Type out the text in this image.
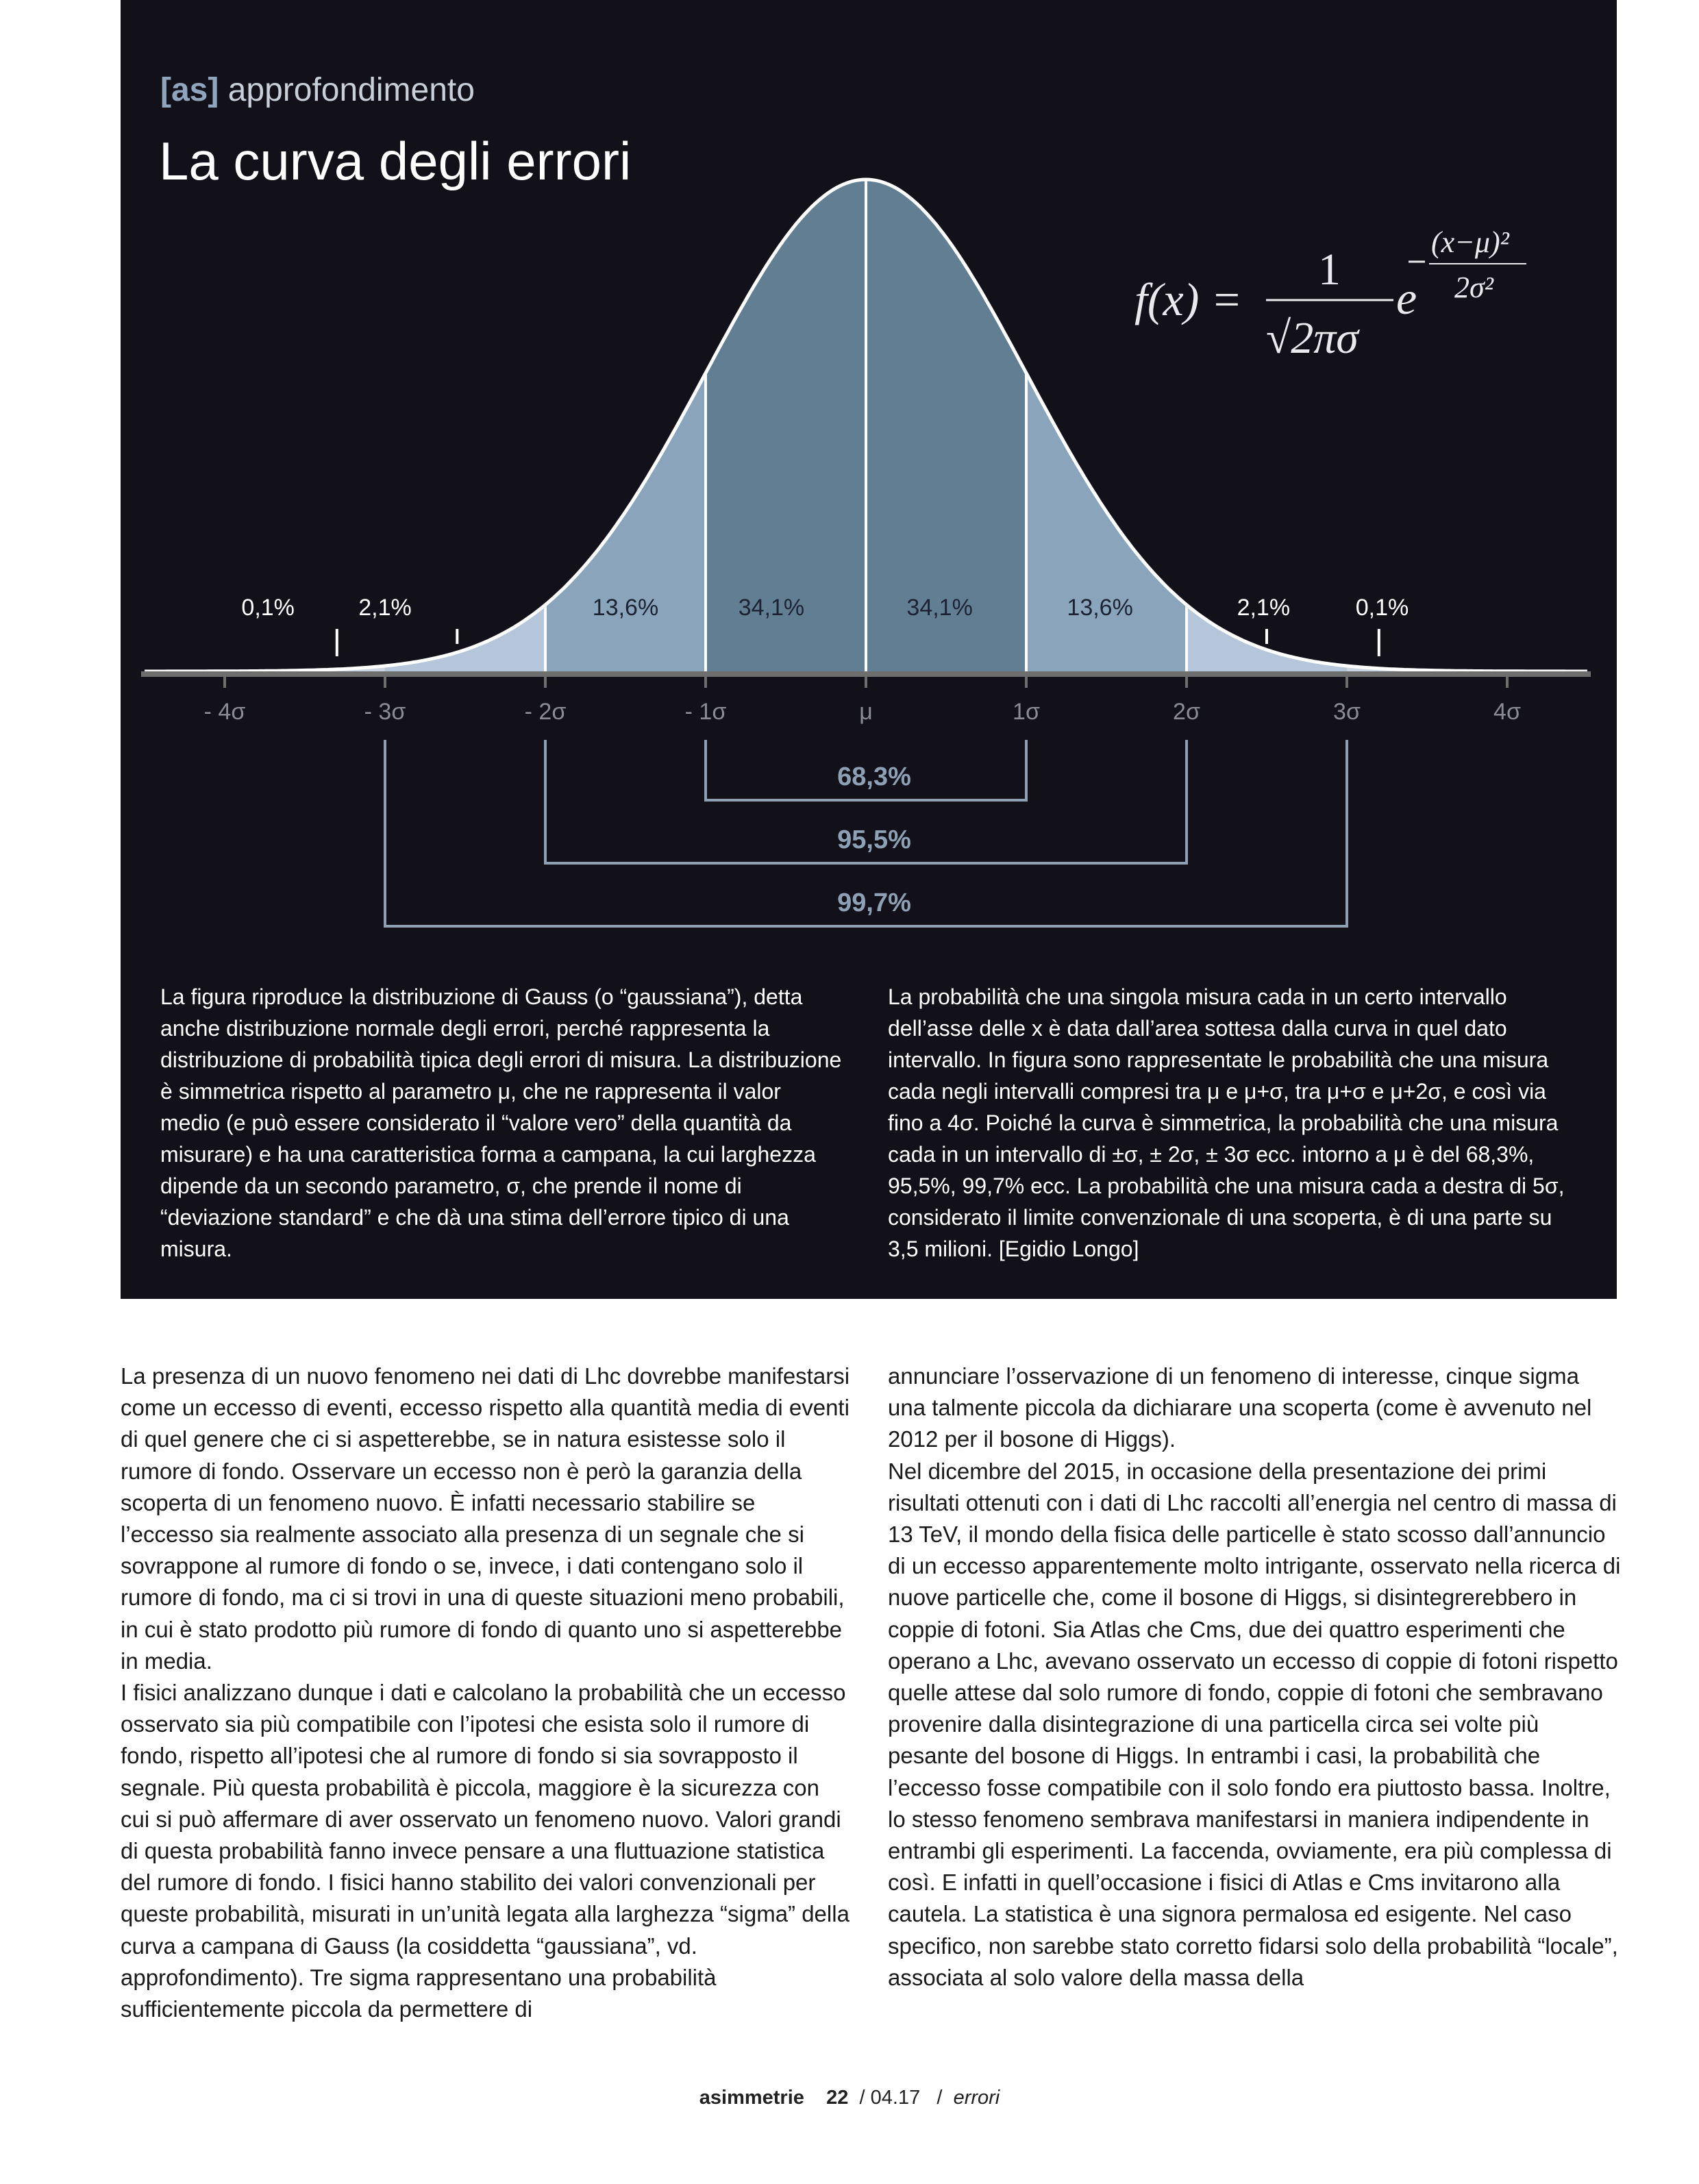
[as] approfondimento
La curva degli errori
- 4σ	- 3σ	- 2σ	- 1σ	μ	1σ	2σ	3σ	4σ
0,1%	2,1%	13,6%	34,1%	34,1%	13,6%	2,1%	0,1%
68,3%
95,5%
99,7%
f(x) =
1
√2πσ
e
(x−μ)²
2σ²
La figura riproduce la distribuzione di Gauss (o “gaussiana”), detta anche distribuzione normale degli errori, perché rappresenta la distribuzione di probabilità tipica degli errori di misura. La distribuzione è simmetrica rispetto al parametro μ, che ne rappresenta il valor medio (e può essere considerato il “valore vero” della quantità da misurare) e ha una caratteristica forma a campana, la cui larghezza dipende da un secondo parametro, σ, che prende il nome di “deviazione standard” e che dà una stima dell’errore tipico di una misura.
La probabilità che una singola misura cada in un certo intervallo dell’asse delle x è data dall’area sottesa dalla curva in quel dato intervallo. In figura sono rappresentate le probabilità che una misura cada negli intervalli compresi tra μ e μ+σ, tra μ+σ e μ+2σ, e così via fino a 4σ. Poiché la curva è simmetrica, la probabilità che una misura cada in un intervallo di ±σ, ± 2σ, ± 3σ ecc. intorno a μ è del 68,3%, 95,5%, 99,7% ecc. La probabilità che una misura cada a destra di 5σ, considerato il limite convenzionale di una scoperta, è di una parte su 3,5 milioni. [Egidio Longo]

La presenza di un nuovo fenomeno nei dati di Lhc dovrebbe manifestarsi come un eccesso di eventi, eccesso rispetto alla quantità media di eventi di quel genere che ci si aspetterebbe, se in natura esistesse solo il rumore di fondo. Osservare un eccesso non è però la garanzia della scoperta di un fenomeno nuovo. È infatti necessario stabilire se l’eccesso sia realmente associato alla presenza di un segnale che si sovrappone al rumore di fondo o se, invece, i dati contengano solo il rumore di fondo, ma ci si trovi in una di queste situazioni meno probabili, in cui è stato prodotto più rumore di fondo di quanto uno si aspetterebbe in media.

I fisici analizzano dunque i dati e calcolano la probabilità che un eccesso osservato sia più compatibile con l’ipotesi che esista solo il rumore di fondo, rispetto all’ipotesi che al rumore di fondo si sia sovrapposto il segnale. Più questa probabilità è piccola, maggiore è la sicurezza con cui si può affermare di aver osservato un fenomeno nuovo. Valori grandi di questa probabilità fanno invece pensare a una fluttuazione statistica del rumore di fondo. I fisici hanno stabilito dei valori convenzionali per queste probabilità, misurati in un’unità legata alla larghezza “sigma” della curva a campana di Gauss (la cosiddetta “gaussiana”, vd. approfondimento). Tre sigma rappresentano una probabilità sufficientemente piccola da permettere di

annunciare l’osservazione di un fenomeno di interesse, cinque sigma una talmente piccola da dichiarare una scoperta (come è avvenuto nel 2012 per il bosone di Higgs).

Nel dicembre del 2015, in occasione della presentazione dei primi risultati ottenuti con i dati di Lhc raccolti all’energia nel centro di massa di 13 TeV, il mondo della fisica delle particelle è stato scosso dall’annuncio di un eccesso apparentemente molto intrigante, osservato nella ricerca di nuove particelle che, come il bosone di Higgs, si disintegrerebbero in coppie di fotoni. Sia Atlas che Cms, due dei quattro esperimenti che operano a Lhc, avevano osservato un eccesso di coppie di fotoni rispetto quelle attese dal solo rumore di fondo, coppie di fotoni che sembravano provenire dalla disintegrazione di una particella circa sei volte più pesante del bosone di Higgs. In entrambi i casi, la probabilità che l’eccesso fosse compatibile con il solo fondo era piuttosto bassa. Inoltre, lo stesso fenomeno sembrava manifestarsi in maniera indipendente in entrambi gli esperimenti. La faccenda, ovviamente, era più complessa di così. E infatti in quell’occasione i fisici di Atlas e Cms invitarono alla cautela. La statistica è una signora permalosa ed esigente. Nel caso specifico, non sarebbe stato corretto fidarsi solo della probabilità “locale”, associata al solo valore della massa della

asimmetrie 22 / 04.17 / errori
